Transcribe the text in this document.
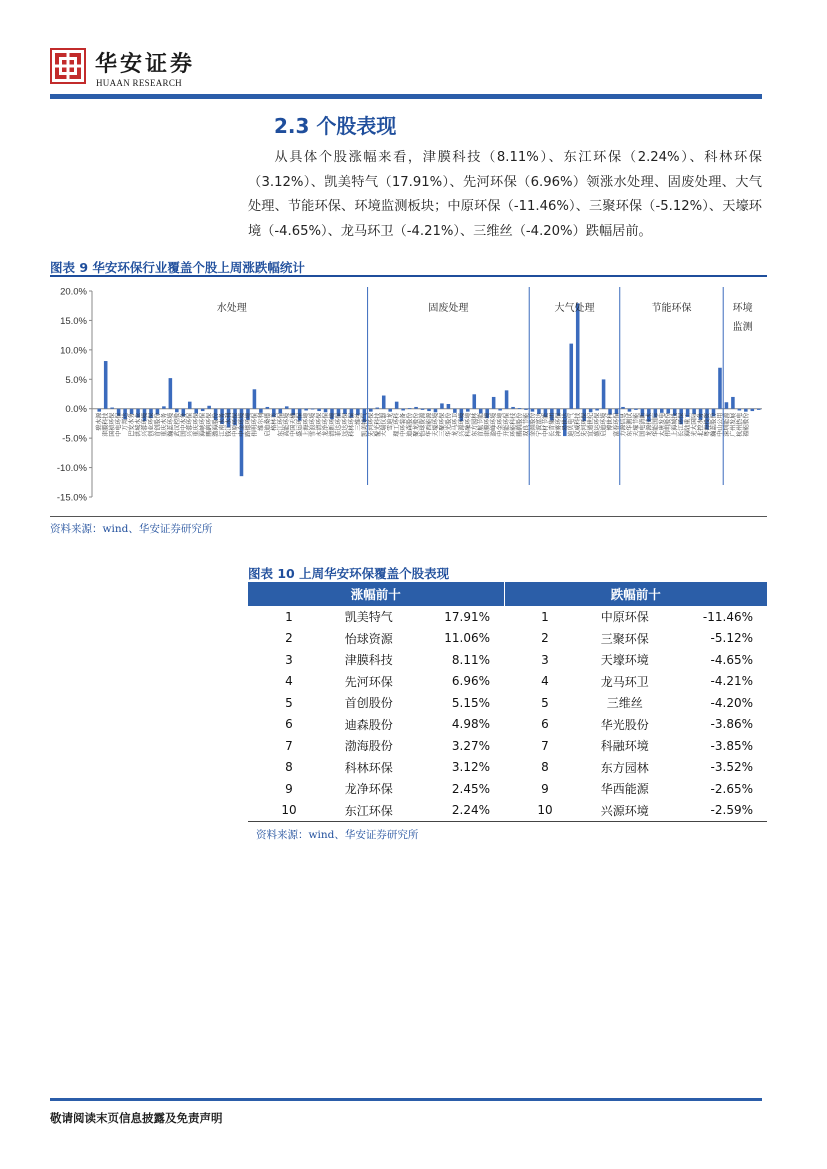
华安证券
HUAAN RESEARCH
2.3 个股表现
从具体个股涨幅来看，津膜科技（8.11%）、东江环保（2.24%）、科林环保（3.12%）、凯美特气（17.91%）、先河环保（6.96%）领涨水处理、固废处理、大气处理、节能环保、环境监测板块；中原环保（-11.46%）、三聚环保（-5.12%）、天壕环境（-4.65%）、龙马环卫（-4.21%）、三维丝（-4.20%）跌幅居前。
图表 9 华安环保行业覆盖个股上周涨跌幅统计
20.0%
15.0%
10.0%
5.0%
0.0%
-5.0%
-10.0%
-15.0%
碧水源 津膜科技 国祯环保 中电环保 万邦达 巴安水务 洪城水业 兴蓉环境 创业环保 首创股份 重庆水务 瀚蓝环境 武汉控股 国中水务 兴蓉环保 重庆环保 海峡环保 鹏鹞环保 渤海股份 江南水务 钱江水利 中原环保 中金环境 路德环境 伟明环保 维尔利 启迪桑德 格林美 东江环保 高能环境 中国天楹 盛运环保 上海环境 雪浪环境 永清环保 龙净环保 清新环境 菲达环保 远达环保 科林环保 三维丝 凯美特气 先河环保 聚光科技 天瑞仪器 雪迪龙 理工环科 中环装备 迪森股份 聚龙股份 怡球资源 华西能源 天壕环境 三聚环保 华光股份 龙马环卫 兴源环境 科融环境 东方园林 首航节能 津膜环境 盈峰环境 中金环境 开能环保 环能科技 鹏鹞股份 双良节能 金圆股份 宁波富达 中材节能 长青集团 神雾环保 易世达 迪贝电气 汉威科技 先河环保 宜通世纪 盛运环保 启迪环境 博世科 富春环保 力源信息 东华测试 天壕节能 国电清新 龙源技术 华能国际 大唐发电 伟明股份 上海城投 长江环保 海陆重工 光大国际 北控水务 粤海投资 瀚蓝股份 中山公用 深圳能源 广州发展 杭州热电 福能股份
水处理	固废处理	大气处理	节能环保	环境
监测
资料来源：wind、华安证券研究所
图表 10 上周华安环保覆盖个股表现
涨幅前十			跌幅前十		
1	凯美特气	17.91%	1	中原环保	-11.46%
2	怡球资源	11.06%	2	三聚环保	-5.12%
3	津膜科技	8.11%	3	天壕环境	-4.65%
4	先河环保	6.96%	4	龙马环卫	-4.21%
5	首创股份	5.15%	5	三维丝	-4.20%
6	迪森股份	4.98%	6	华光股份	-3.86%
7	渤海股份	3.27%	7	科融环境	-3.85%
8	科林环保	3.12%	8	东方园林	-3.52%
9	龙净环保	2.45%	9	华西能源	-2.65%
10	东江环保	2.24%	10	兴源环境	-2.59%
资料来源：wind、华安证券研究所
敬请阅读末页信息披露及免责声明
